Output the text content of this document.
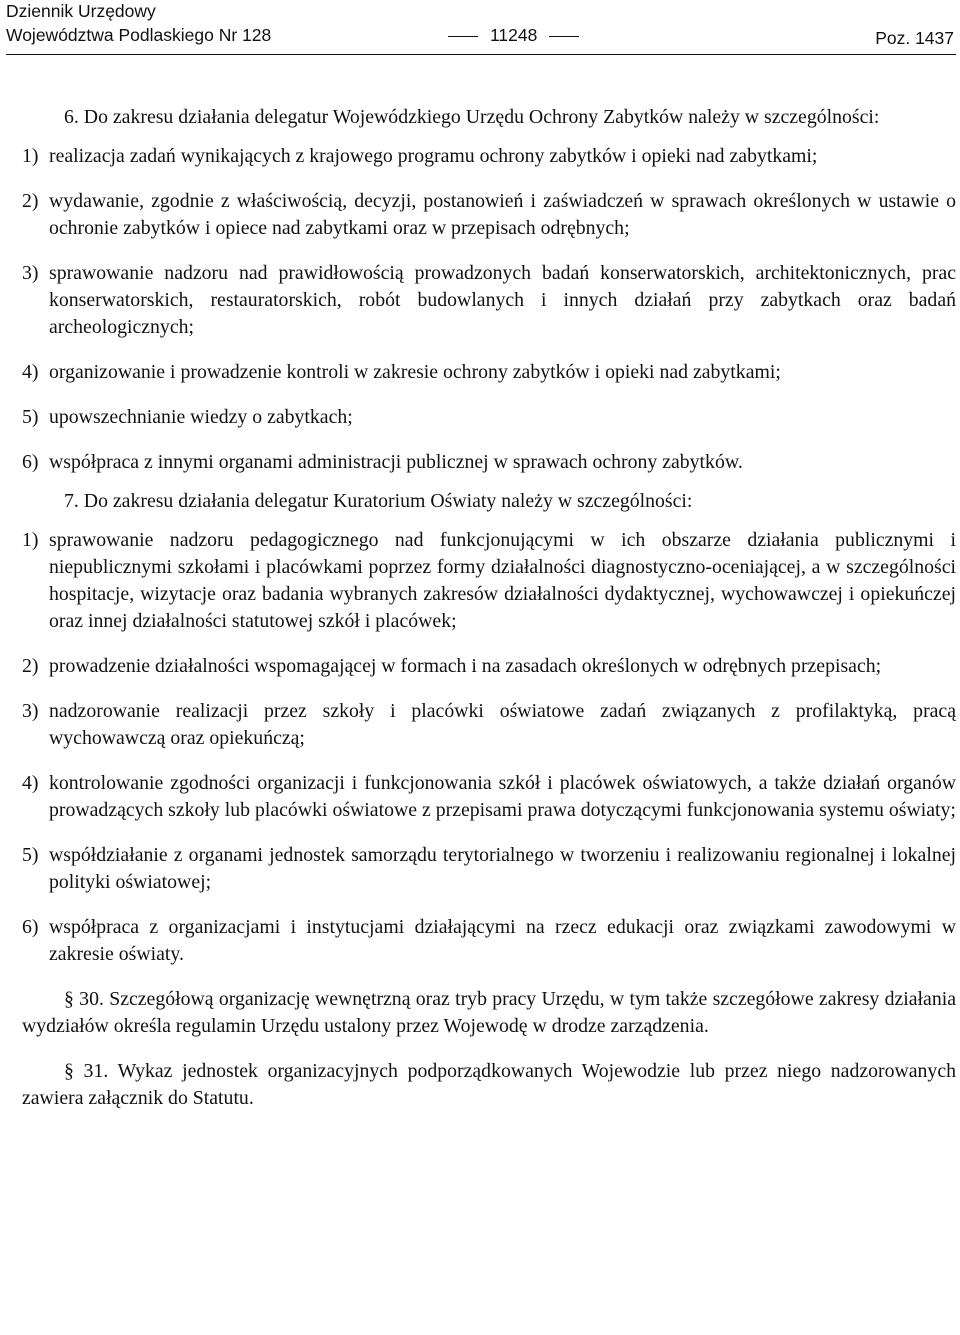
Dziennik Urzędowy
Województwa Podlaskiego Nr 128	11248	Poz. 1437

6. Do zakresu działania delegatur Wojewódzkiego Urzędu Ochrony Zabytków należy w szczególności:

1) realizacja zadań wynikających z krajowego programu ochrony zabytków i opieki nad zabytkami;
2) wydawanie, zgodnie z właściwością, decyzji, postanowień i zaświadczeń w sprawach określonych w ustawie o ochronie zabytków i opiece nad zabytkami oraz w przepisach odrębnych;
3) sprawowanie nadzoru nad prawidłowością prowadzonych badań konserwatorskich, architektonicznych, prac konserwatorskich, restauratorskich, robót budowlanych i innych działań przy zabytkach oraz badań archeologicznych;
4) organizowanie i prowadzenie kontroli w zakresie ochrony zabytków i opieki nad zabytkami;
5) upowszechnianie wiedzy o zabytkach;
6) współpraca z innymi organami administracji publicznej w sprawach ochrony zabytków.

7. Do zakresu działania delegatur Kuratorium Oświaty należy w szczególności:

1) sprawowanie nadzoru pedagogicznego nad funkcjonującymi w ich obszarze działania publicznymi i niepublicznymi szkołami i placówkami poprzez formy działalności diagnostyczno-oceniającej, a w szczególności hospitacje, wizytacje oraz badania wybranych zakresów działalności dydaktycznej, wychowawczej i opiekuńczej oraz innej działalności statutowej szkół i placówek;
2) prowadzenie działalności wspomagającej w formach i na zasadach określonych w odrębnych przepisach;
3) nadzorowanie realizacji przez szkoły i placówki oświatowe zadań związanych z profilaktyką, pracą wychowawczą oraz opiekuńczą;
4) kontrolowanie zgodności organizacji i funkcjonowania szkół i placówek oświatowych, a także działań organów prowadzących szkoły lub placówki oświatowe z przepisami prawa dotyczącymi funkcjonowania systemu oświaty;
5) współdziałanie z organami jednostek samorządu terytorialnego w tworzeniu i realizowaniu regionalnej i lokalnej polityki oświatowej;
6) współpraca z organizacjami i instytucjami działającymi na rzecz edukacji oraz związkami zawodowymi w zakresie oświaty.

§ 30. Szczegółową organizację wewnętrzną oraz tryb pracy Urzędu, w tym także szczegółowe zakresy działania wydziałów określa regulamin Urzędu ustalony przez Wojewodę w drodze zarządzenia.

§ 31. Wykaz jednostek organizacyjnych podporządkowanych Wojewodzie lub przez niego nadzorowanych zawiera załącznik do Statutu.
